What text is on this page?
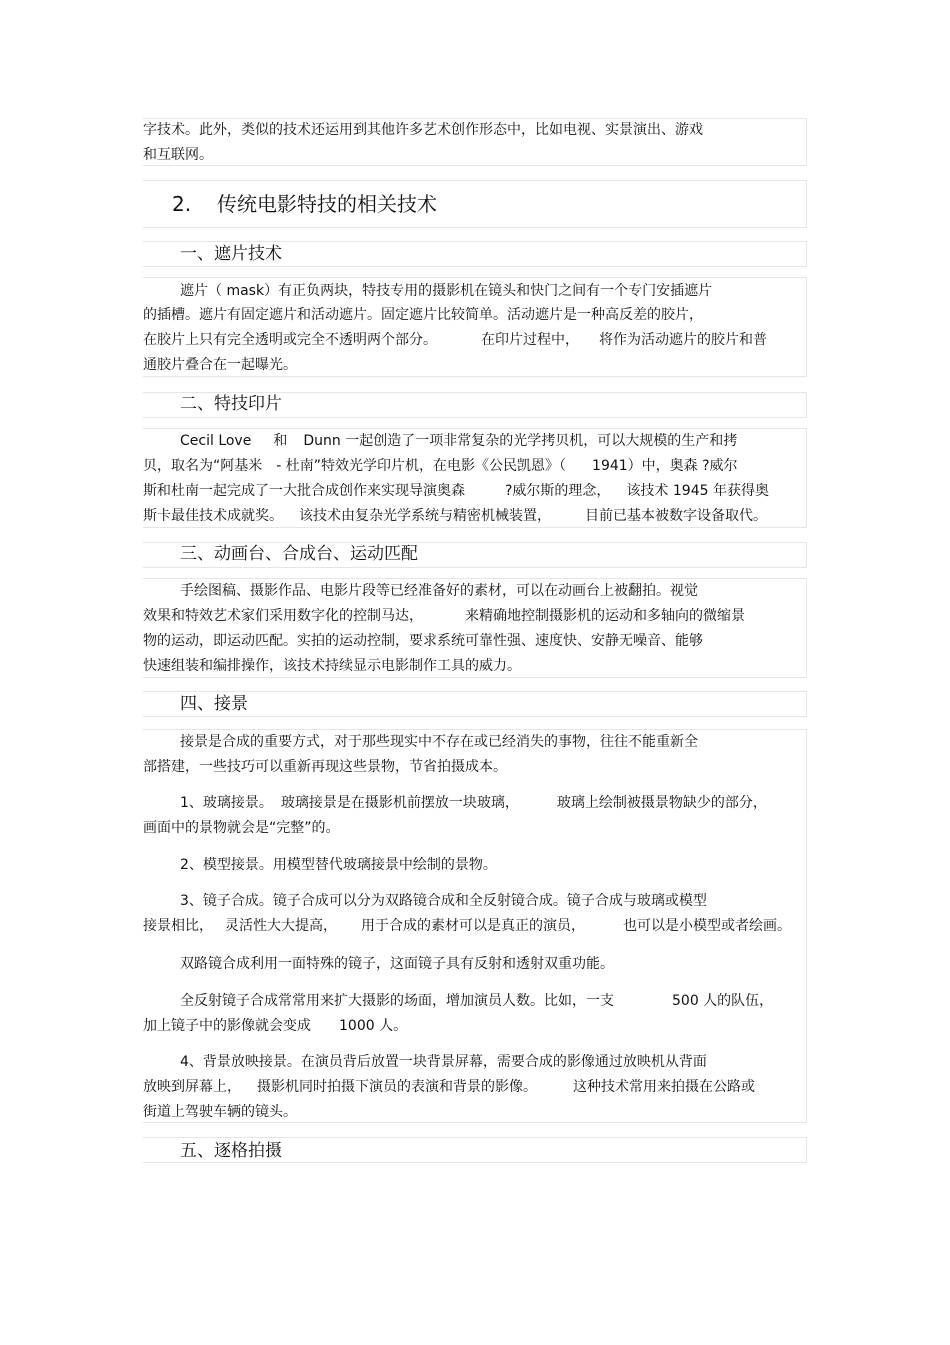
字技术。此外，类似的技术还运用到其他许多艺术创作形态中，比如电视、实景演出、游戏
和互联网。
2. 传统电影特技的相关技术
一、遮片技术
遮片（ mask）有正负两块，特技专用的摄影机在镜头和快门之间有一个专门安插遮片
的插槽。遮片有固定遮片和活动遮片。固定遮片比较简单。活动遮片是一种高反差的胶片，
在胶片上只有完全透明或完全不透明两个部分。	在印片过程中， 将作为活动遮片的胶片和普
通胶片叠合在一起曝光。
二、特技印片
Cecil Love 和 Dunn 一起创造了一项非常复杂的光学拷贝机，可以大规模的生产和拷
贝，取名为“阿基米 - 杜南”特效光学印片机，在电影《公民凯恩》（ 1941）中，奥森 ?威尔
斯和杜南一起完成了一大批合成创作来实现导演奥森	?威尔斯的理念， 该技术 1945 年获得奥
斯卡最佳技术成就奖。 该技术由复杂光学系统与精密机械装置， 目前已基本被数字设备取代。
三、动画台、合成台、运动匹配
手绘图稿、摄影作品、电影片段等已经准备好的素材，可以在动画台上被翻拍。视觉
效果和特效艺术家们采用数字化的控制马达，	来精确地控制摄影机的运动和多轴向的微缩景
物的运动，即运动匹配。实拍的运动控制，要求系统可靠性强、速度快、安静无噪音、能够
快速组装和编排操作，该技术持续显示电影制作工具的威力。
四、接景
接景是合成的重要方式，对于那些现实中不存在或已经消失的事物，往往不能重新全
部搭建，一些技巧可以重新再现这些景物，节省拍摄成本。
1、玻璃接景。 玻璃接景是在摄影机前摆放一块玻璃，	玻璃上绘制被摄景物缺少的部分，
画面中的景物就会是“完整”的。
2、模型接景。用模型替代玻璃接景中绘制的景物。
3、镜子合成。镜子合成可以分为双路镜合成和全反射镜合成。镜子合成与玻璃或模型
接景相比， 灵活性大大提高， 用于合成的素材可以是真正的演员，	也可以是小模型或者绘画。
双路镜合成利用一面特殊的镜子，这面镜子具有反射和透射双重功能。
全反射镜子合成常常用来扩大摄影的场面，增加演员人数。比如，一支	500 人的队伍，
加上镜子中的影像就会变成 1000 人。
4、背景放映接景。在演员背后放置一块背景屏幕，需要合成的影像通过放映机从背面
放映到屏幕上， 摄影机同时拍摄下演员的表演和背景的影像。	这种技术常用来拍摄在公路或
街道上驾驶车辆的镜头。
五、逐格拍摄
